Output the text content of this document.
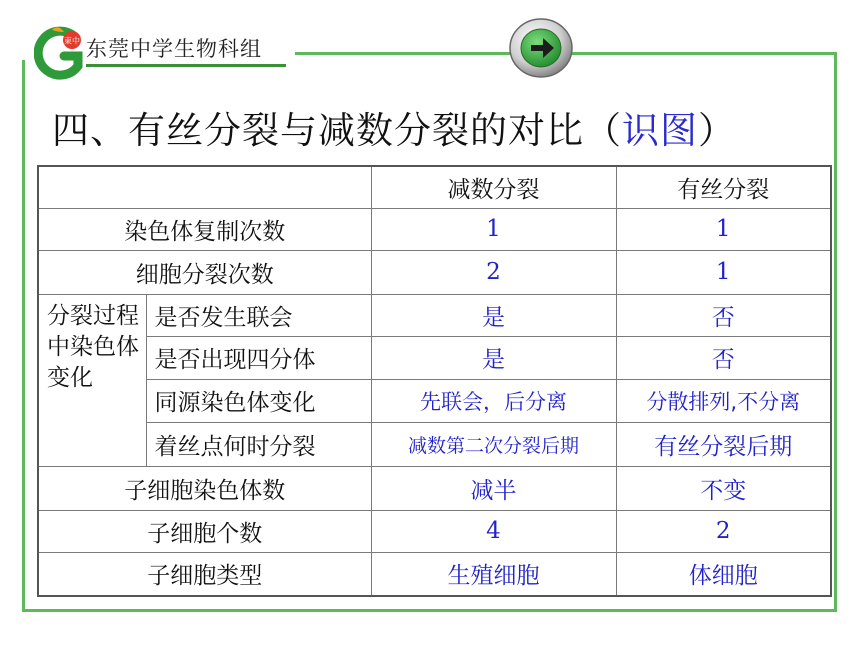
東中 东莞中学生物科组
四、有丝分裂与减数分裂的对比（识图）
		减数分裂	有丝分裂
染色体复制次数		1	1
细胞分裂次数		2	1
分裂过程中染色体变化	是否发生联会	是	否
	是否出现四分体	是	否
	同源染色体变化	先联会，后分离	分散排列,不分离
	着丝点何时分裂	减数第二次分裂后期	有丝分裂后期
子细胞染色体数		减半	不变
子细胞个数		4	2
子细胞类型		生殖细胞	体细胞
